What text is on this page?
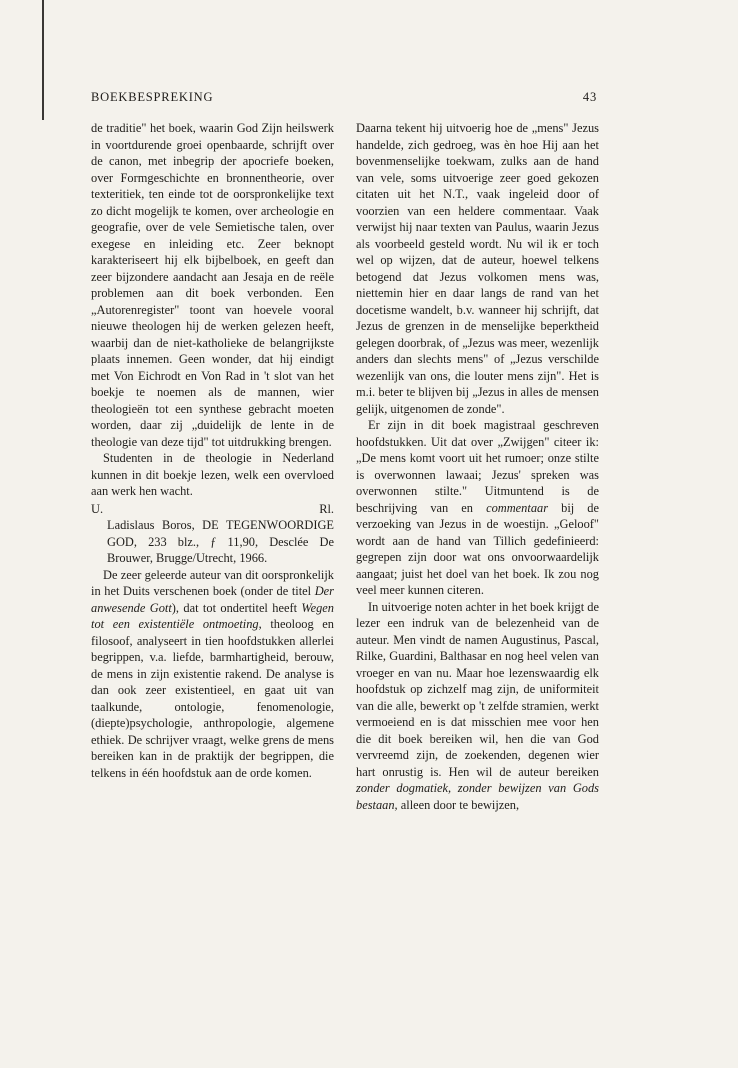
BOEKBESPREKING	43

de traditie" het boek, waarin God Zijn heilswerk in voortdurende groei openbaarde, schrijft over de canon, met inbegrip der apocriefe boeken, over Formgeschichte en bronnentheorie, over texteritiek, ten einde tot de oorspronkelijke text zo dicht mogelijk te komen, over archeologie en geografie, over de vele Semietische talen, over exegese en inleiding etc. Zeer beknopt karakteriseert hij elk bijbelboek, en geeft dan zeer bijzondere aandacht aan Jesaja en de reële problemen aan dit boek verbonden. Een „Autorenregister" toont van hoevele vooral nieuwe theologen hij de werken gelezen heeft, waarbij dan de niet-katholieke de belangrijkste plaats innemen. Geen wonder, dat hij eindigt met Von Eichrodt en Von Rad in 't slot van het boekje te noemen als de mannen, wier theologieën tot een synthese gebracht moeten worden, daar zij „duidelijk de lente in de theologie van deze tijd" tot uitdrukking brengen.

Studenten in de theologie in Nederland kunnen in dit boekje lezen, welk een overvloed aan werk hen wacht.

U.	Rl.

Ladislaus Boros, DE TEGENWOORDIGE GOD, 233 blz., ƒ 11,90, Desclée De Brouwer, Brugge/Utrecht, 1966.

De zeer geleerde auteur van dit oorspronkelijk in het Duits verschenen boek (onder de titel Der anwesende Gott), dat tot ondertitel heeft Wegen tot een existentiële ontmoeting, theoloog en filosoof, analyseert in tien hoofdstukken allerlei begrippen, v.a. liefde, barmhartigheid, berouw, de mens in zijn existentie rakend. De analyse is dan ook zeer existentieel, en gaat uit van taalkunde, ontologie, fenomenologie, (diepte)psychologie, anthropologie, algemene ethiek. De schrijver vraagt, welke grens de mens bereiken kan in de praktijk der begrippen, die telkens in één hoofdstuk aan de orde komen.

Daarna tekent hij uitvoerig hoe de „mens" Jezus handelde, zich gedroeg, was èn hoe Hij aan het bovenmenselijke toekwam, zulks aan de hand van vele, soms uitvoerige zeer goed gekozen citaten uit het N.T., vaak ingeleid door of voorzien van een heldere commentaar. Vaak verwijst hij naar texten van Paulus, waarin Jezus als voorbeeld gesteld wordt. Nu wil ik er toch wel op wijzen, dat de auteur, hoewel telkens betogend dat Jezus volkomen mens was, niettemin hier en daar langs de rand van het docetisme wandelt, b.v. wanneer hij schrijft, dat Jezus de grenzen in de menselijke beperktheid gelegen doorbrak, of „Jezus was meer, wezenlijk anders dan slechts mens" of „Jezus verschilde wezenlijk van ons, die louter mens zijn". Het is m.i. beter te blijven bij „Jezus in alles de mensen gelijk, uitgenomen de zonde".

Er zijn in dit boek magistraal geschreven hoofdstukken. Uit dat over „Zwijgen" citeer ik: „De mens komt voort uit het rumoer; onze stilte is overwonnen lawaai; Jezus' spreken was overwonnen stilte." Uitmuntend is de beschrijving van en commentaar bij de verzoeking van Jezus in de woestijn. „Geloof" wordt aan de hand van Tillich gedefinieerd: gegrepen zijn door wat ons onvoorwaardelijk aangaat; juist het doel van het boek. Ik zou nog veel meer kunnen citeren.

In uitvoerige noten achter in het boek krijgt de lezer een indruk van de belezenheid van de auteur. Men vindt de namen Augustinus, Pascal, Rilke, Guardini, Balthasar en nog heel velen van vroeger en van nu. Maar hoe lezenswaardig elk hoofdstuk op zichzelf mag zijn, de uniformiteit van die alle, bewerkt op 't zelfde stramien, werkt vermoeiend en is dat misschien mee voor hen die dit boek bereiken wil, hen die van God vervreemd zijn, de zoekenden, degenen wier hart onrustig is. Hen wil de auteur bereiken zonder dogmatiek, zonder bewijzen van Gods bestaan, alleen door te bewijzen,
